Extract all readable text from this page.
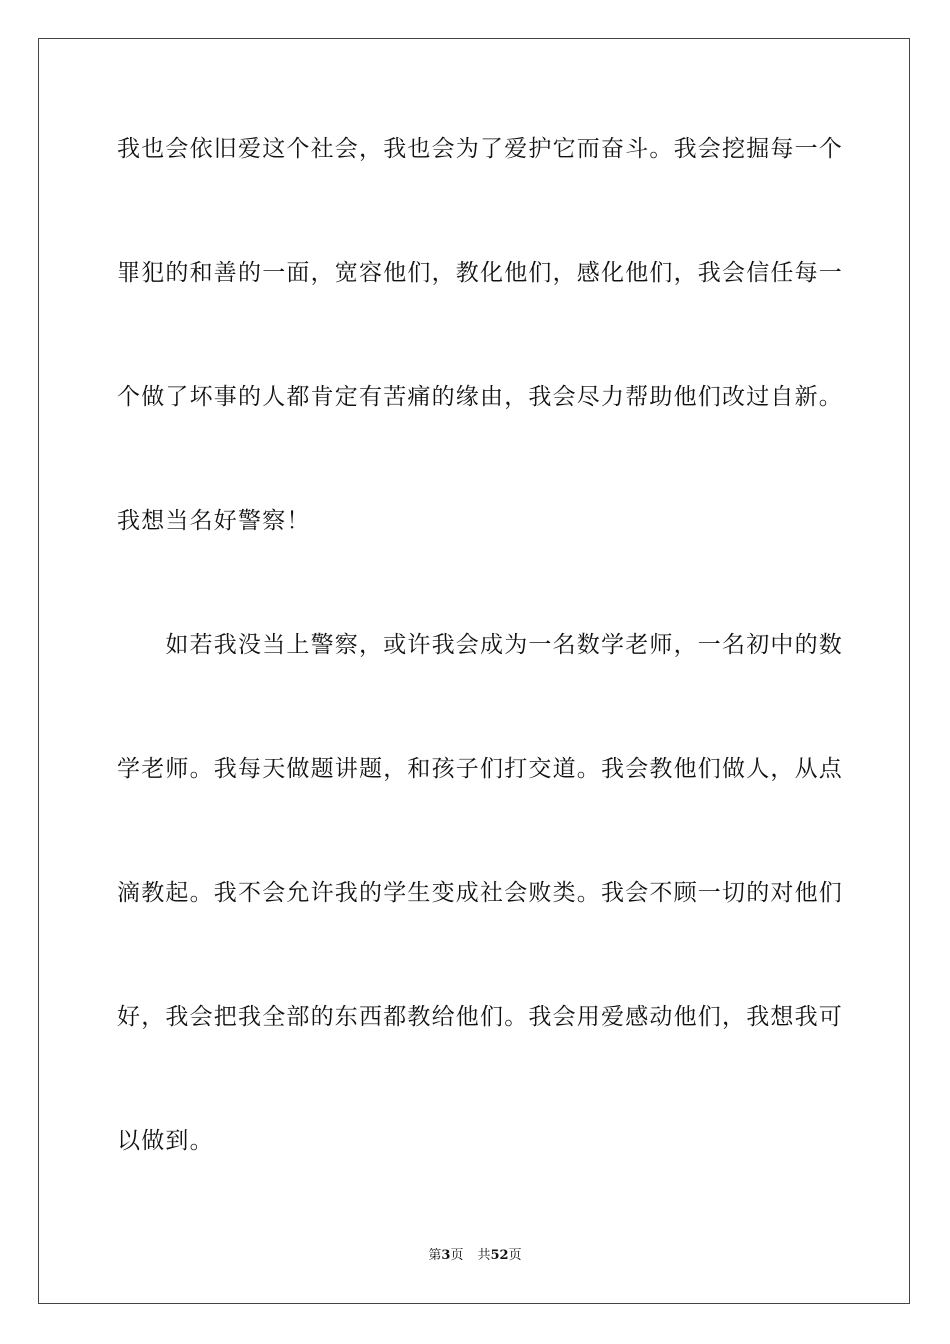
我也会依旧爱这个社会，我也会为了爱护它而奋斗。我会挖掘每一个
罪犯的和善的一面，宽容他们，教化他们，感化他们，我会信任每一
个做了坏事的人都肯定有苦痛的缘由，我会尽力帮助他们改过自新。
我想当名好警察！
　　如若我没当上警察，或许我会成为一名数学老师，一名初中的数
学老师。我每天做题讲题，和孩子们打交道。我会教他们做人，从点
滴教起。我不会允许我的学生变成社会败类。我会不顾一切的对他们
好，我会把我全部的东西都教给他们。我会用爱感动他们，我想我可
以做到。
第3页 共52页
